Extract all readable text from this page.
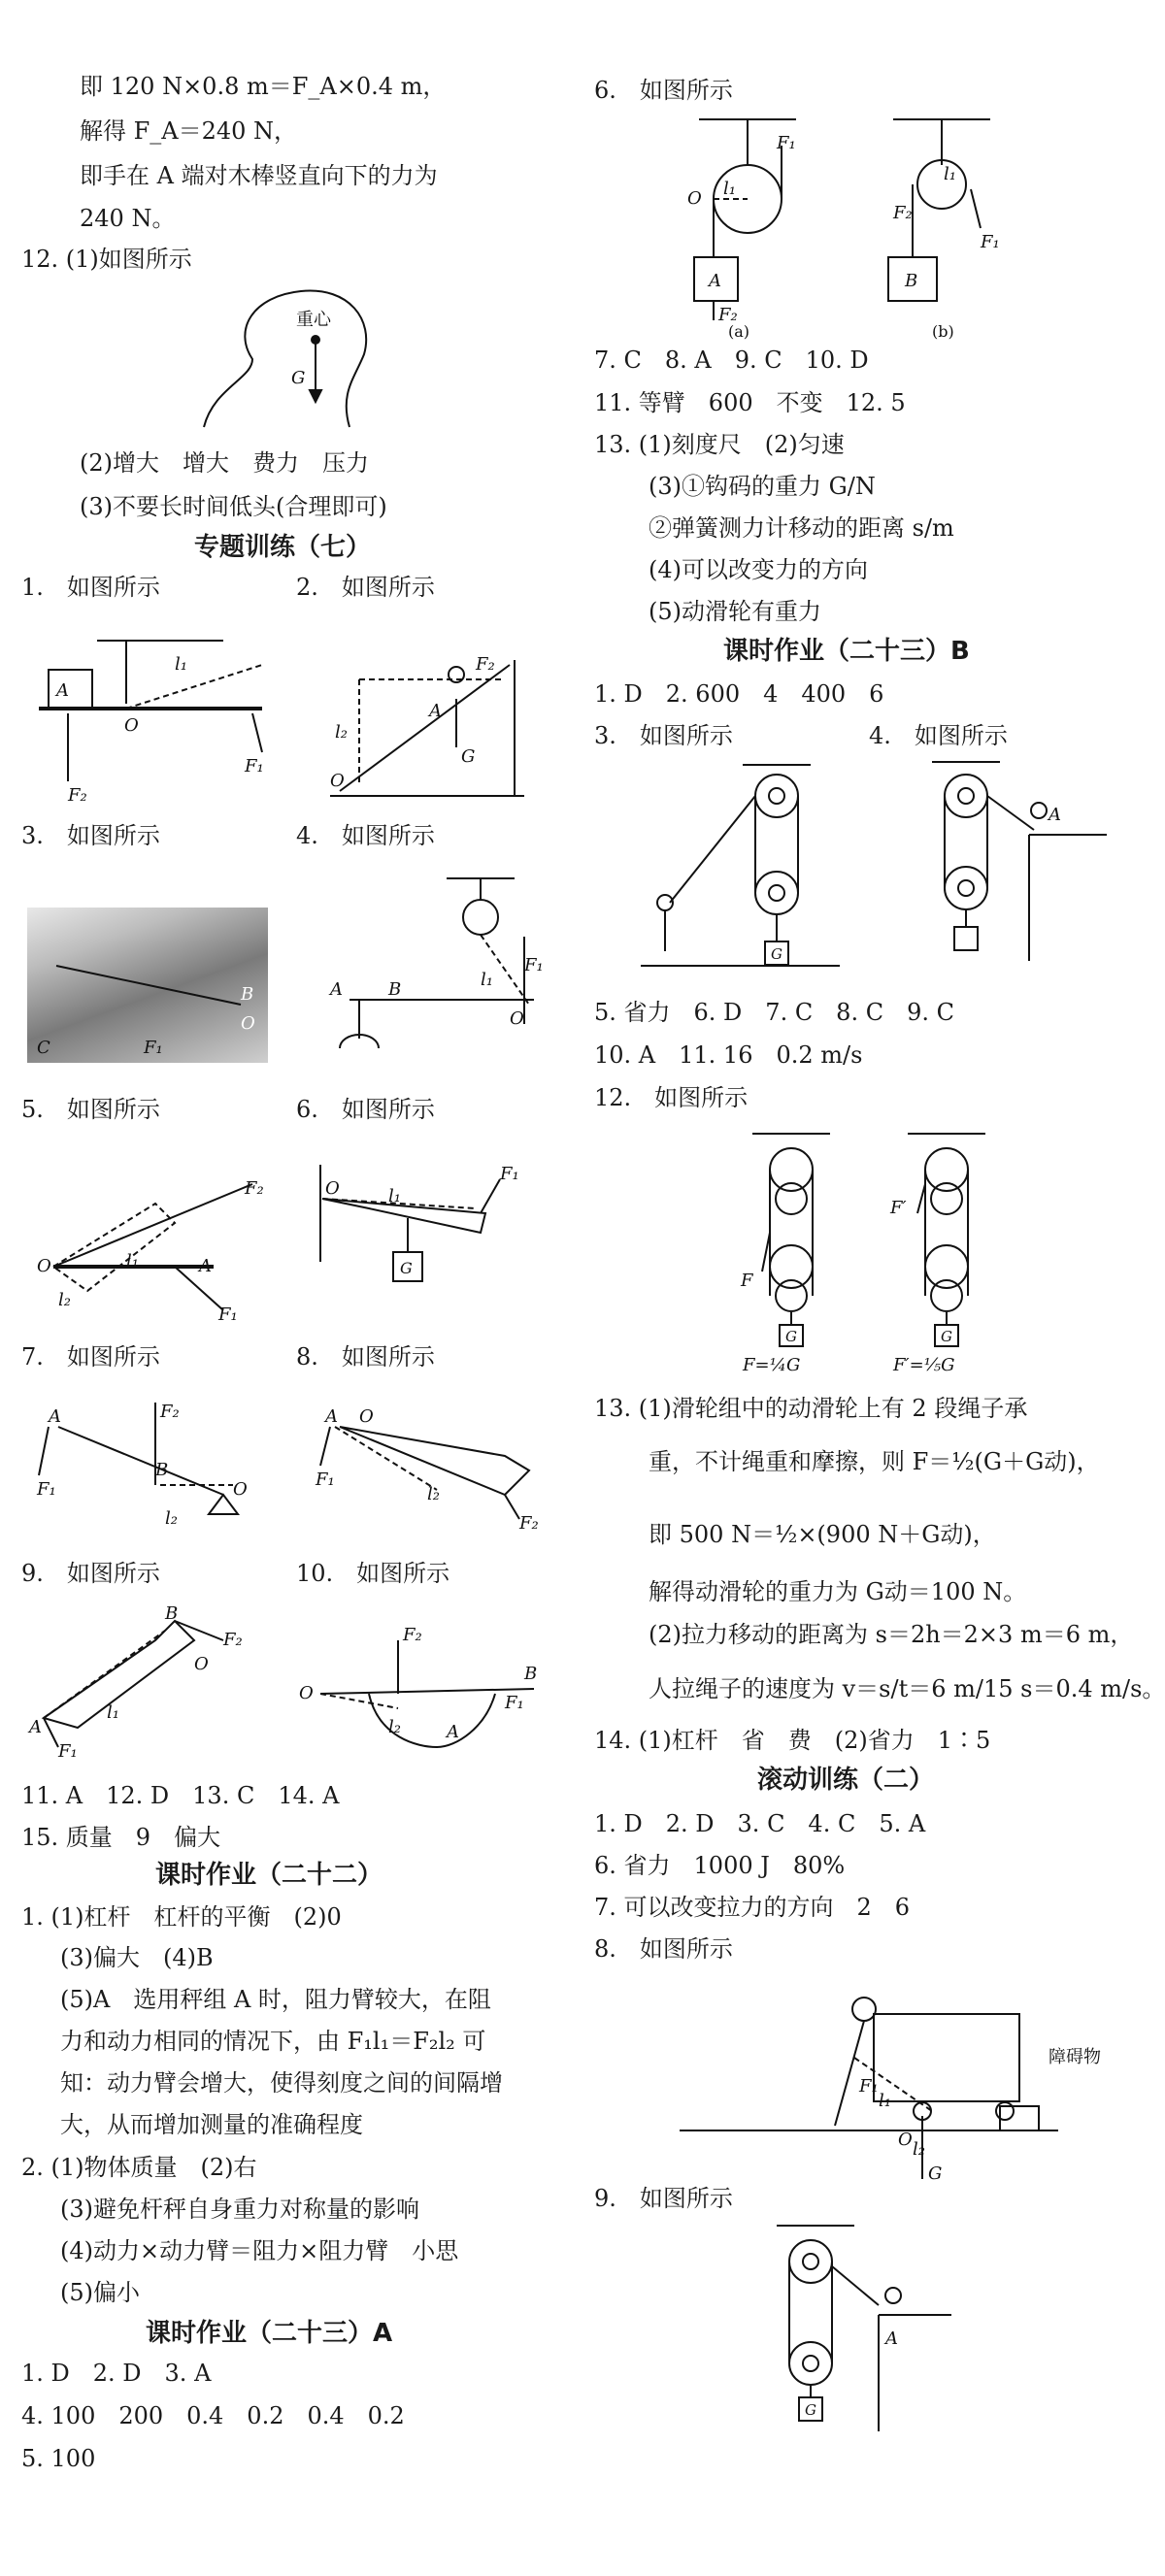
即 120 N×0.8 m＝F_A×0.4 m，
解得 F_A＝240 N，
即手在 A 端对木棒竖直向下的力为
240 N。
12. (1)如图所示
重心
G
(2)增大　增大　费力　压力
(3)不要长时间低头(合理即可)
专题训练（七）
1.　如图所示	2.　如图所示
O
l₁
F₂
F₁
A
O
l₂
F₂
G
A
3.　如图所示	4.　如图所示
B
O
C	F₁
A	B	l₁
F₁
O
5.　如图所示	6.　如图所示
O
F₁
F₂
A
l₁
l₂
O	l₁
F₁
G
7.　如图所示	8.　如图所示
A
B
O
F₂
F₁
l₂
A O
F₁
F₂
l₂
9.　如图所示	10.　如图所示
B
O
F₂
A
F₁
l₁
O
B
F₂
F₁
l₂	A
11. A　12. D　13. C　14. A
15. 质量　9　偏大
课时作业（二十二）
1. (1)杠杆　杠杆的平衡　(2)0
(3)偏大　(4)B
(5)A　选用秤组 A 时，阻力臂较大，在阻
力和动力相同的情况下，由 F₁l₁＝F₂l₂ 可
知：动力臂会增大，使得刻度之间的间隔增
大，从而增加测量的准确程度
2. (1)物体质量　(2)右
(3)避免杆秤自身重力对称量的影响
(4)动力×动力臂＝阻力×阻力臂　小思
(5)偏小
课时作业（二十三）A
1. D　2. D　3. A
4. 100　200　0.4　0.2　0.4　0.2
5. 100
6.　如图所示
F₁
O l₁
A
F₂
(a)
B
F₂
F₁
l₁
(b)
7. C　8. A　9. C　10. D
11. 等臂　600　不变　12. 5
13. (1)刻度尺　(2)匀速
(3)①钩码的重力 G/N
②弹簧测力计移动的距离 s/m
(4)可以改变力的方向
(5)动滑轮有重力
课时作业（二十三）B
1. D　2. 600　4　400　6
3.　如图所示	4.　如图所示
G
A
5. 省力　6. D　7. C　8. C　9. C
10. A　11. 16　0.2 m/s
12.　如图所示
G
F
F=¼G
G
F′
F′=⅕G
13. (1)滑轮组中的动滑轮上有 2 段绳子承
重，不计绳重和摩擦，则 F＝½(G＋G动)，
即 500 N＝½×(900 N＋G动)，
解得动滑轮的重力为 G动＝100 N。
(2)拉力移动的距离为 s＝2h＝2×3 m＝6 m，
人拉绳子的速度为 v＝s/t＝6 m/15 s＝0.4 m/s。
14. (1)杠杆　省　费　(2)省力　1∶5
滚动训练（二）
1. D　2. D　3. C　4. C　5. A
6. 省力　1000 J　80%
7. 可以改变拉力的方向　2　6
8.　如图所示
障碍物
F₁
O
l₁
l₂
G
9.　如图所示
G
A
